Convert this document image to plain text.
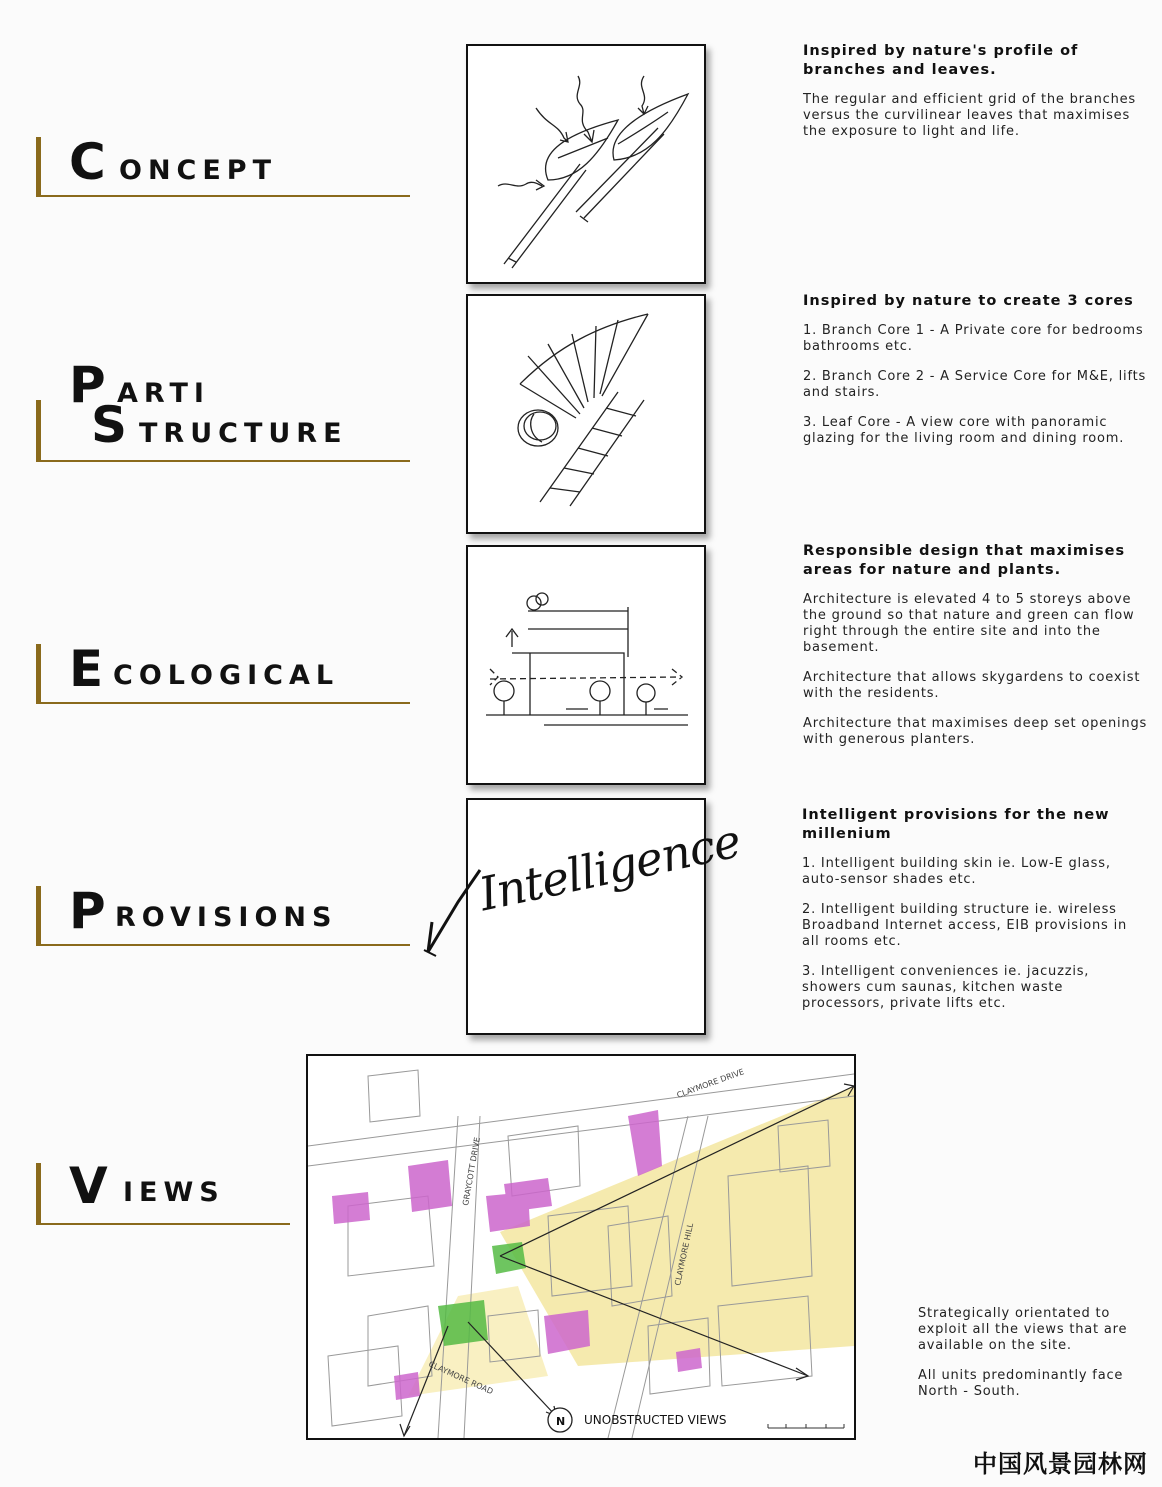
C ONCEPT
P ARTI
S TRUCTURE
E COLOGICAL
P ROVISIONS
V IEWS
Intelligence
Inspired by nature's profile of branches and leaves.

The regular and efficient grid of the branches versus the curvilinear leaves that maximises the exposure to light and life.

Inspired by nature to create 3 cores
1. Branch Core 1 - A Private core for bedrooms bathrooms etc.
2. Branch Core 2 - A Service Core for M&E, lifts and stairs.
3. Leaf Core - A view core with panoramic glazing for the living room and dining room.
Responsible design that maximises areas for nature and plants.

Architecture is elevated 4 to 5 storeys above the ground so that nature and green can flow right through the entire site and into the basement.

Architecture that allows skygardens to coexist with the residents.

Architecture that maximises deep set openings with generous planters.

Intelligent provisions for the new millenium
1. Intelligent building skin ie. Low-E glass, auto-sensor shades etc.
2. Intelligent building structure ie. wireless Broadband Internet access, EIB provisions in all rooms etc.
3. Intelligent conveniences ie. jacuzzis, showers cum saunas, kitchen waste processors, private lifts etc.
CLAYMORE DRIVE
GRAYCOTT DRIVE
CLAYMORE HILL
CLAYMORE ROAD
N UNOBSTRUCTED VIEWS

Strategically orientated to exploit all the views that are available on the site.

All units predominantly face North - South.

中国风景园林网
